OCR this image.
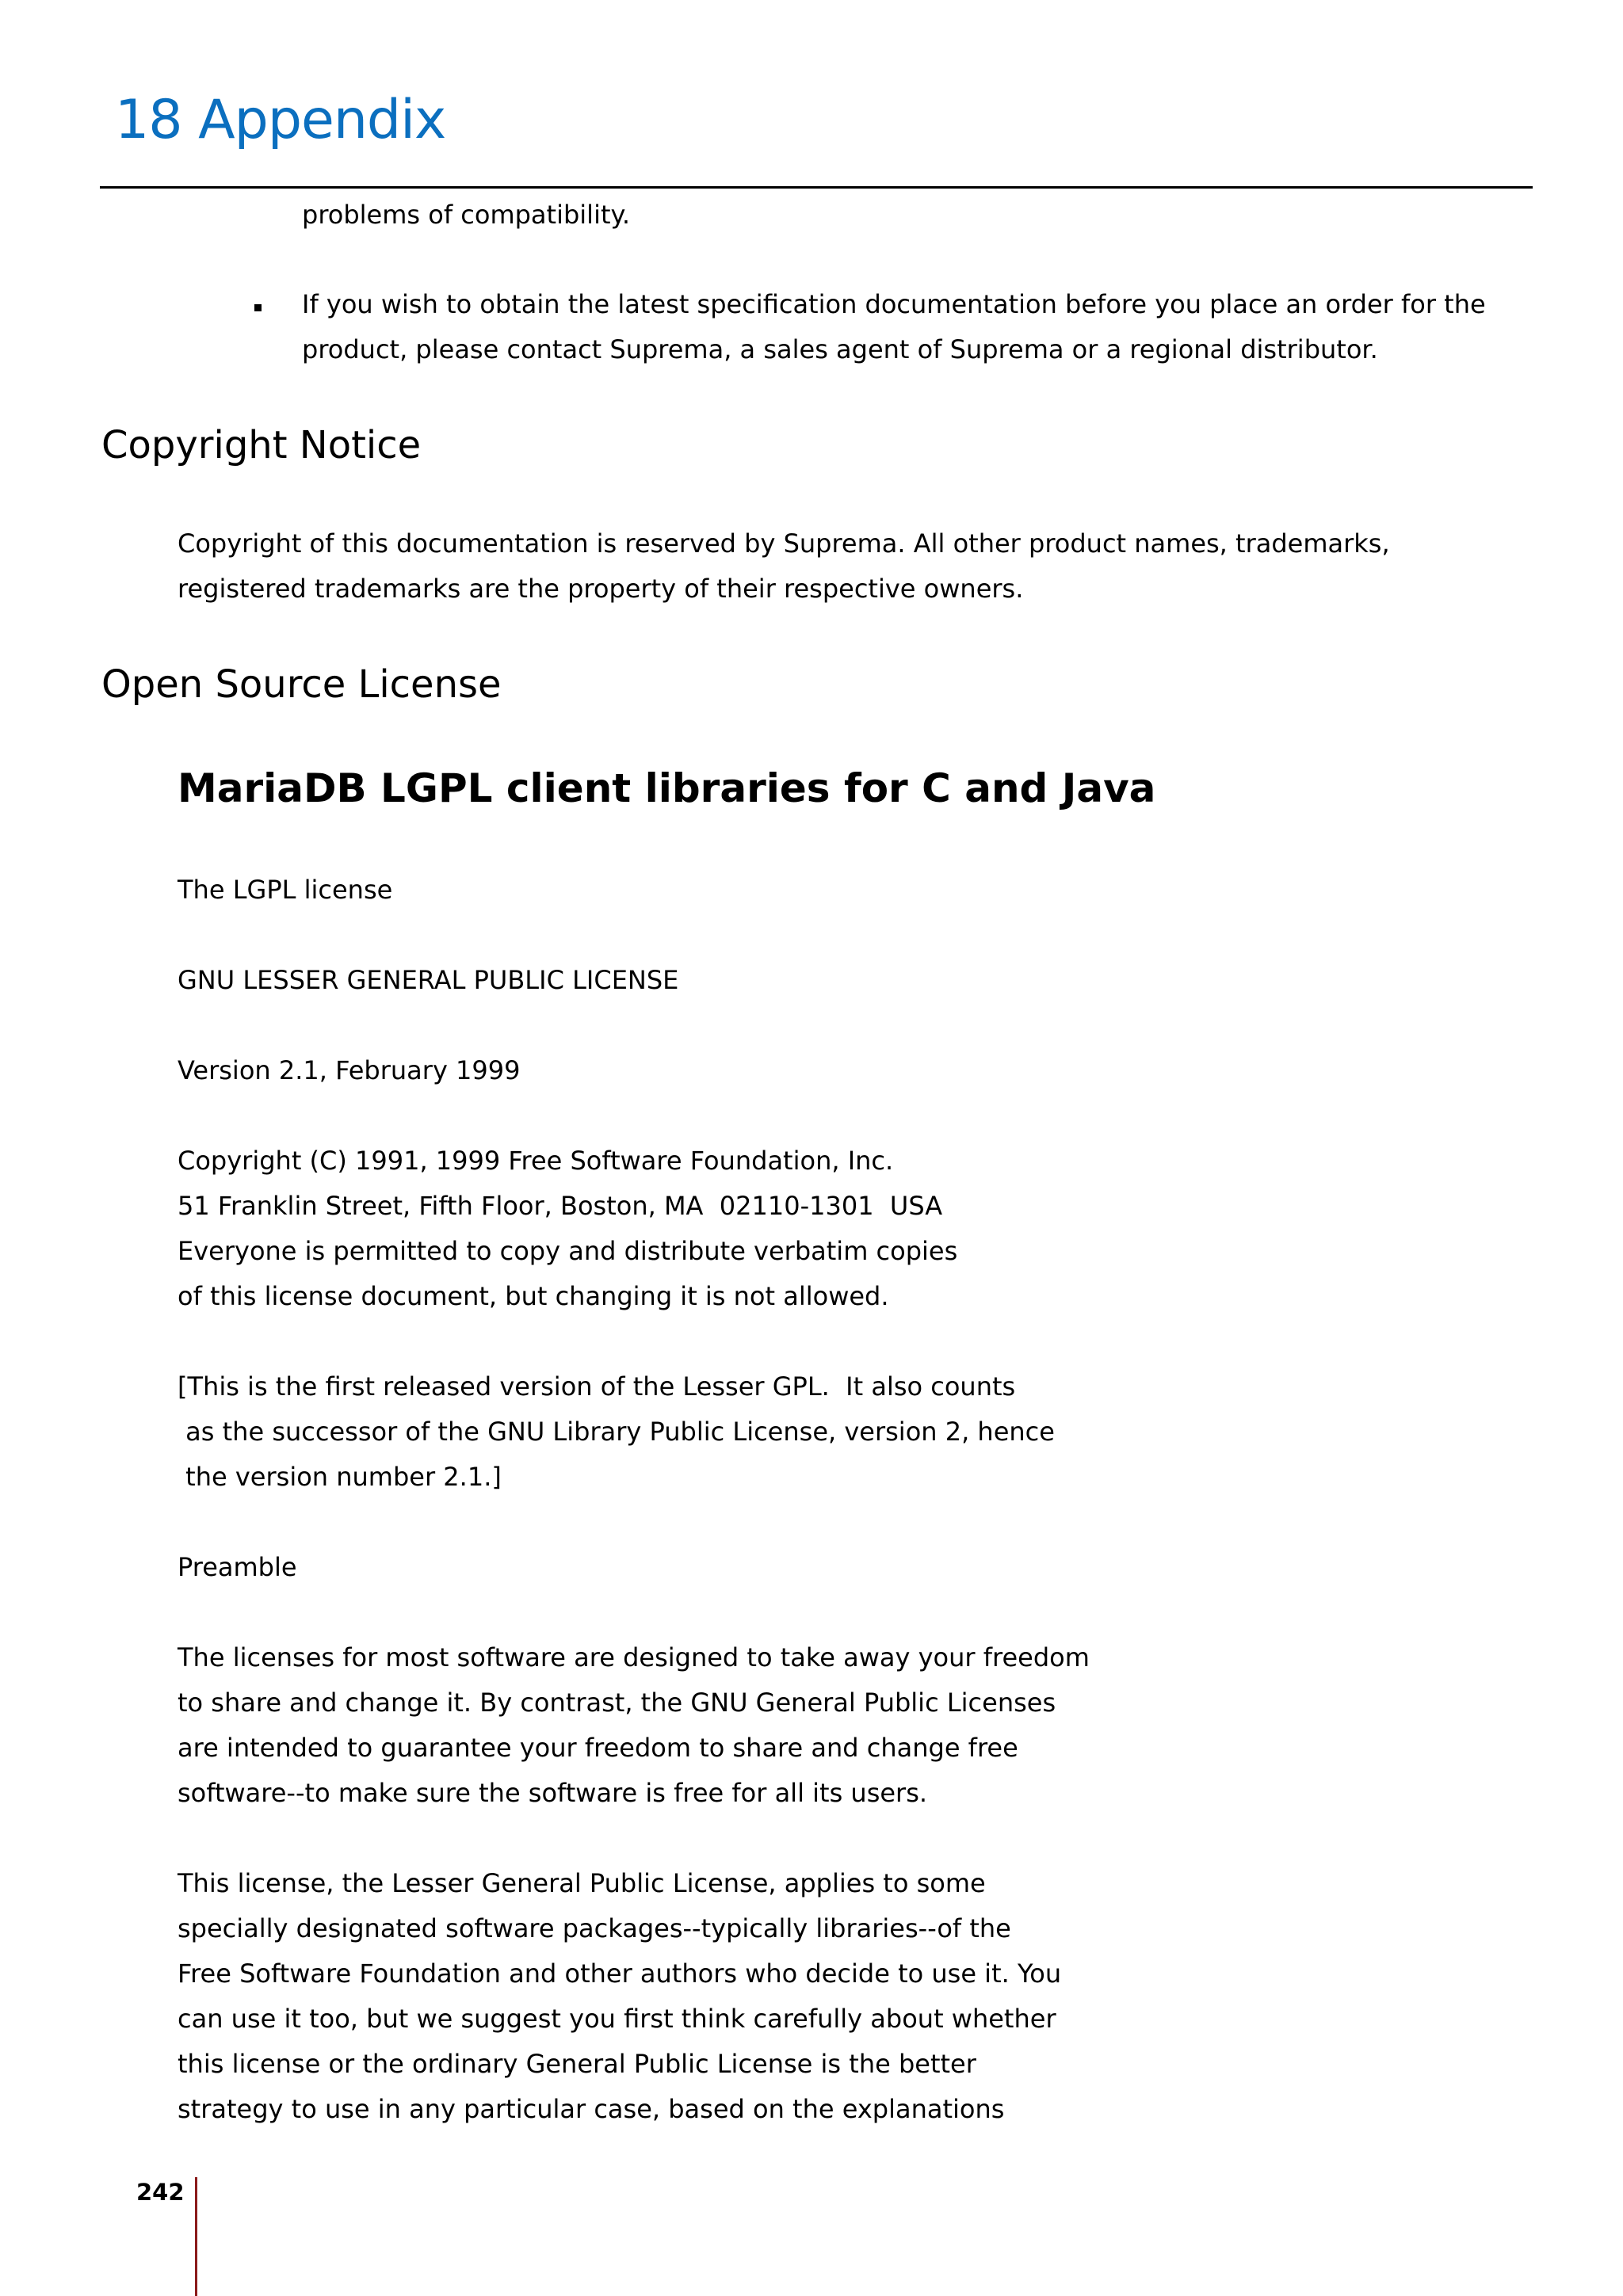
18 Appendix
problems of compatibility.
If you wish to obtain the latest specification documentation before you place an order for the
product, please contact Suprema, a sales agent of Suprema or a regional distributor.
Copyright Notice
Copyright of this documentation is reserved by Suprema. All other product names, trademarks,
registered trademarks are the property of their respective owners.
Open Source License
MariaDB LGPL client libraries for C and Java
The LGPL license
GNU LESSER GENERAL PUBLIC LICENSE
Version 2.1, February 1999
Copyright (C) 1991, 1999 Free Software Foundation, Inc.
51 Franklin Street, Fifth Floor, Boston, MA  02110-1301  USA
Everyone is permitted to copy and distribute verbatim copies
of this license document, but changing it is not allowed.
[This is the first released version of the Lesser GPL.  It also counts
as the successor of the GNU Library Public License, version 2, hence
the version number 2.1.]
Preamble
The licenses for most software are designed to take away your freedom
to share and change it. By contrast, the GNU General Public Licenses
are intended to guarantee your freedom to share and change free
software--to make sure the software is free for all its users.
This license, the Lesser General Public License, applies to some
specially designated software packages--typically libraries--of the
Free Software Foundation and other authors who decide to use it. You
can use it too, but we suggest you first think carefully about whether
this license or the ordinary General Public License is the better
strategy to use in any particular case, based on the explanations
242
